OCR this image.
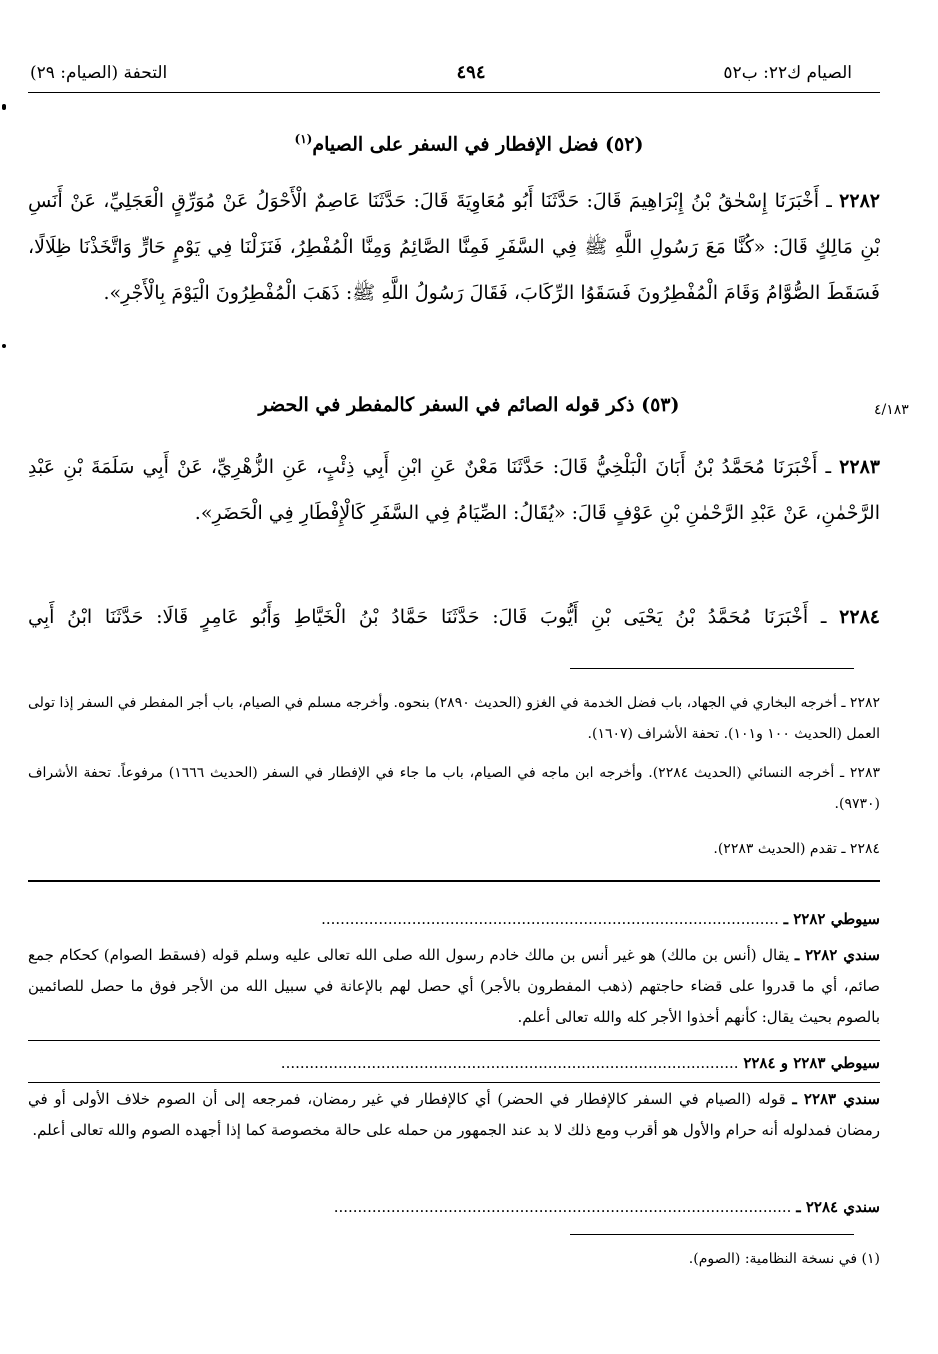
الصيام ك٢٢: ب٥٢
٤٩٤
التحفة (الصيام: ٢٩)
(٥٢) فضل الإفطار في السفر على الصيام$^{(١)}$
٢٢٨٢ ـ أَخْبَرَنَا إِسْحٰقُ بْنُ إِبْرَاهِيمَ قَالَ: حَدَّثَنَا أَبُو مُعَاوِيَةَ قَالَ: حَدَّثَنَا عَاصِمٌ الْأَحْوَلُ عَنْ مُوَرِّقٍ الْعَجَلِيِّ، عَنْ أَنَسِ بْنِ مَالِكٍ قَالَ: «كُنَّا مَعَ رَسُولِ اللَّهِ ﷺ فِي السَّفَرِ فَمِنَّا الصَّائِمُ وَمِنَّا الْمُفْطِرُ، فَنَزَلْنَا فِي يَوْمٍ حَارٍّ وَاتَّخَذْنَا ظِلَالًا، فَسَقَطَ الصُّوَّامُ وَقَامَ الْمُفْطِرُونَ فَسَقَوُا الرِّكَابَ، فَقَالَ رَسُولُ اللَّهِ ﷺ: ذَهَبَ الْمُفْطِرُونَ الْيَوْمَ بِالْأَجْرِ».
(٥٣) ذكر قوله الصائم في السفر كالمفطر في الحضر	٤/١٨٣
٢٢٨٣ ـ أَخْبَرَنَا مُحَمَّدُ بْنُ أَبَانَ الْبَلْخِيُّ قَالَ: حَدَّثَنَا مَعْنٌ عَنِ ابْنِ أَبِي ذِئْبٍ، عَنِ الزُّهْرِيِّ، عَنْ أَبِي سَلَمَةَ بْنِ عَبْدِ الرَّحْمٰنِ، عَنْ عَبْدِ الرَّحْمٰنِ بْنِ عَوْفٍ قَالَ: «يُقَالُ: الصِّيَامُ فِي السَّفَرِ كَالْإِفْطَارِ فِي الْحَضَرِ».
٢٢٨٤ ـ أَخْبَرَنَا مُحَمَّدُ بْنُ يَحْيَى بْنِ أَيُّوبَ قَالَ: حَدَّثَنَا حَمَّادُ بْنُ الْخَيَّاطِ وَأَبُو عَامِرٍ قَالَا: حَدَّثَنَا ابْنُ أَبِي
٢٢٨٢ ـ أخرجه البخاري في الجهاد، باب فضل الخدمة في الغزو (الحديث ٢٨٩٠) بنحوه. وأخرجه مسلم في الصيام، باب أجر المفطر في السفر إذا تولى العمل (الحديث ١٠٠ و١٠١). تحفة الأشراف (١٦٠٧).
٢٢٨٣ ـ أخرجه النسائي (الحديث ٢٢٨٤). وأخرجه ابن ماجه في الصيام، باب ما جاء في الإفطار في السفر (الحديث ١٦٦٦) مرفوعاً. تحفة الأشراف (٩٧٣٠).
٢٢٨٤ ـ تقدم (الحديث ٢٢٨٣).
سيوطي ٢٢٨٢ ـ ................................................................................................
سندي ٢٢٨٢ ـ يقال (أنس بن مالك) هو غير أنس بن مالك خادم رسول الله صلى الله تعالى عليه وسلم قوله (فسقط الصوام) كحكام جمع صائم، أي ما قدروا على قضاء حاجتهم (ذهب المفطرون بالأجر) أي حصل لهم بالإعانة في سبيل الله من الأجر فوق ما حصل للصائمين بالصوم بحيث يقال: كأنهم أخذوا الأجر كله والله تعالى أعلم.
سيوطي ٢٢٨٣ و ٢٢٨٤ ................................................................................................
سندي ٢٢٨٣ ـ قوله (الصيام في السفر كالإفطار في الحضر) أي كالإفطار في غير رمضان، فمرجعه إلى أن الصوم خلاف الأولى أو في رمضان فمدلوله أنه حرام والأول هو أقرب ومع ذلك لا بد عند الجمهور من حمله على حالة مخصوصة كما إذا أجهده الصوم والله تعالى أعلم.
سندي ٢٢٨٤ ـ ................................................................................................
(١) في نسخة النظامية: (الصوم).
